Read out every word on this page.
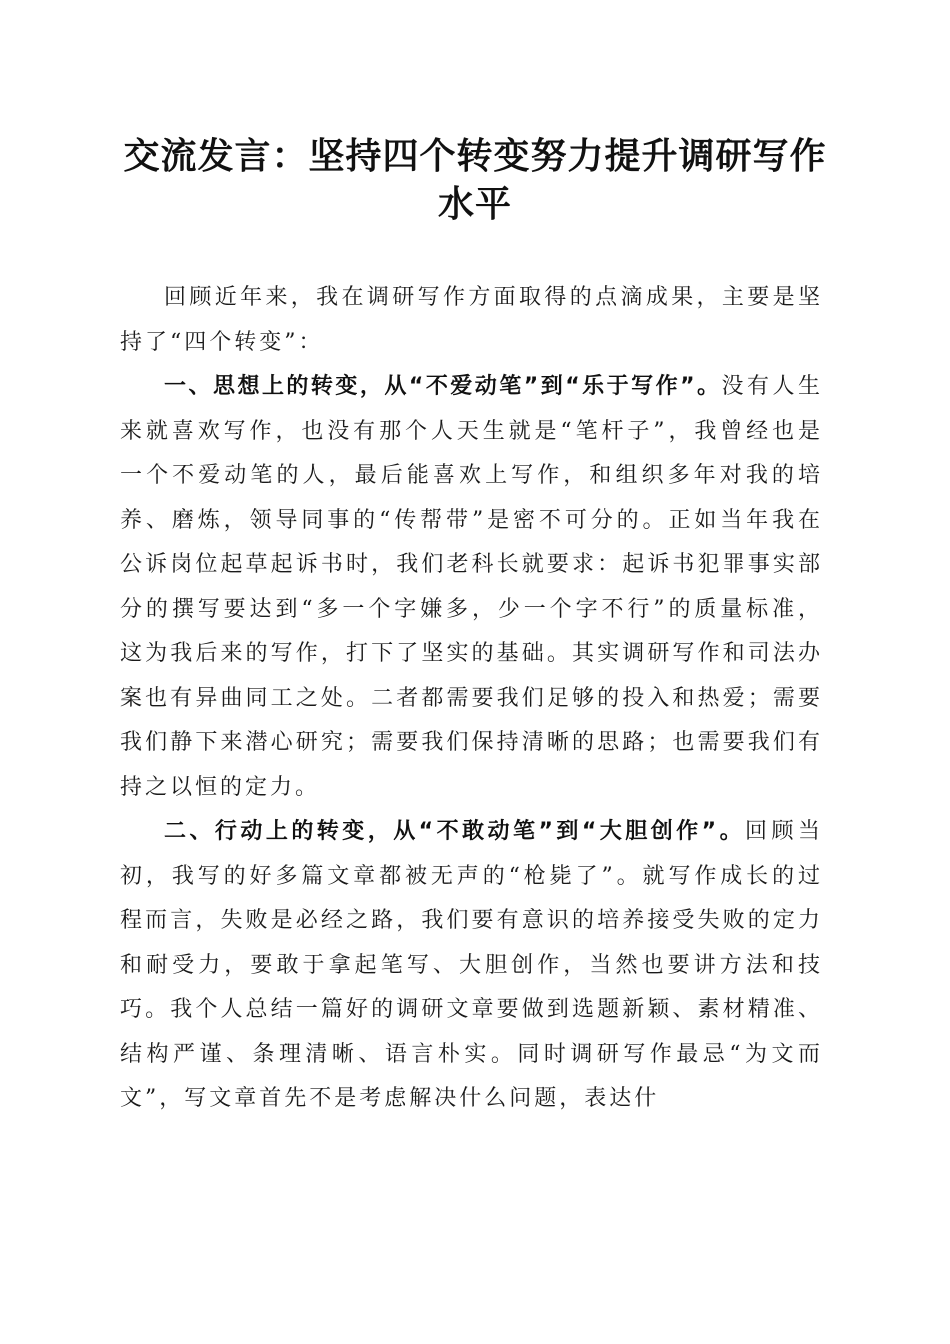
交流发言：坚持四个转变努力提升调研写作水平

回顾近年来，我在调研写作方面取得的点滴成果，主要是坚持了“四个转变”：

一、思想上的转变，从“不爱动笔”到“乐于写作”。没有人生来就喜欢写作，也没有那个人天生就是“笔杆子”，我曾经也是一个不爱动笔的人，最后能喜欢上写作，和组织多年对我的培养、磨炼，领导同事的“传帮带”是密不可分的。正如当年我在公诉岗位起草起诉书时，我们老科长就要求：起诉书犯罪事实部分的撰写要达到“多一个字嫌多，少一个字不行”的质量标准，这为我后来的写作，打下了坚实的基础。其实调研写作和司法办案也有异曲同工之处。二者都需要我们足够的投入和热爱；需要我们静下来潜心研究；需要我们保持清晰的思路；也需要我们有持之以恒的定力。

二、行动上的转变，从“不敢动笔”到“大胆创作”。回顾当初，我写的好多篇文章都被无声的“枪毙了”。就写作成长的过程而言，失败是必经之路，我们要有意识的培养接受失败的定力和耐受力，要敢于拿起笔写、大胆创作，当然也要讲方法和技巧。我个人总结一篇好的调研文章要做到选题新颖、素材精准、结构严谨、条理清晰、语言朴实。同时调研写作最忌“为文而文”，写文章首先不是考虑解决什么问题，表达什
